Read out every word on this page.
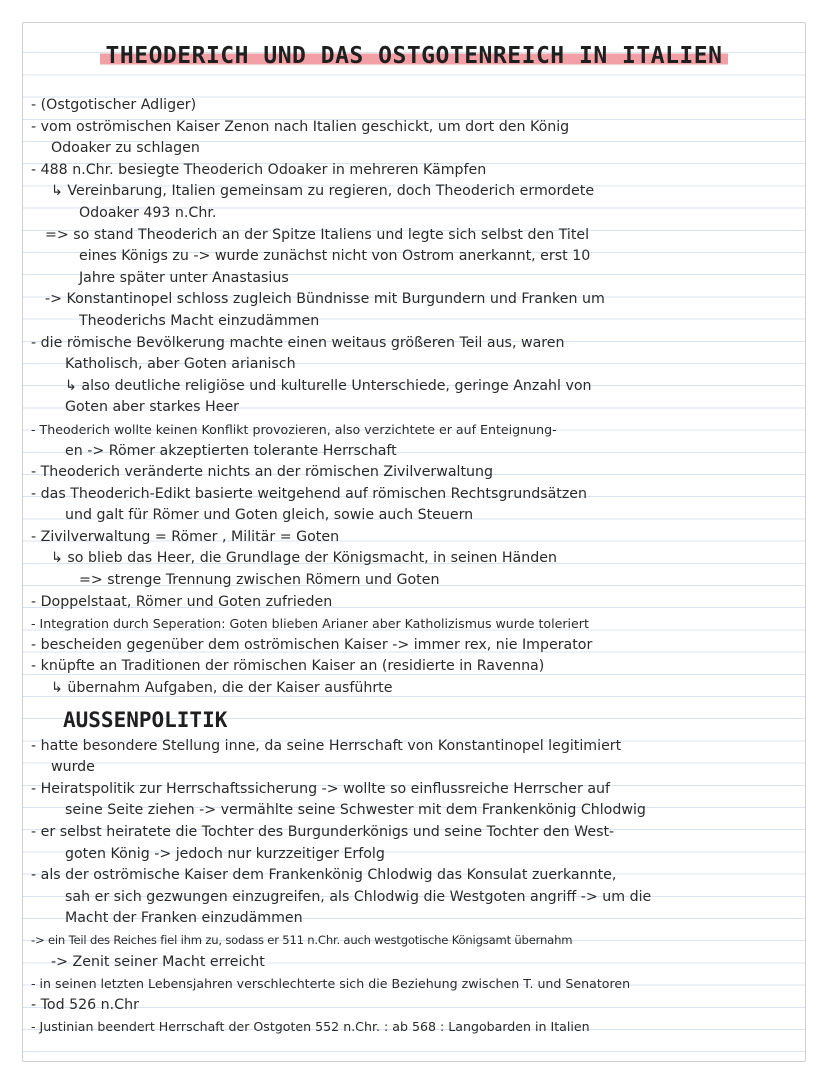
THEODERICH UND DAS OSTGOTENREICH IN ITALIEN
- (Ostgotischer Adliger)
- vom oströmischen Kaiser Zenon nach Italien geschickt, um dort den König
Odoaker zu schlagen
- 488 n.Chr. besiegte Theoderich Odoaker in mehreren Kämpfen
↳ Vereinbarung, Italien gemeinsam zu regieren, doch Theoderich ermordete
Odoaker 493 n.Chr.
=> so stand Theoderich an der Spitze Italiens und legte sich selbst den Titel
eines Königs zu -> wurde zunächst nicht von Ostrom anerkannt, erst 10
Jahre später unter Anastasius
-> Konstantinopel schloss zugleich Bündnisse mit Burgundern und Franken um
Theoderichs Macht einzudämmen
- die römische Bevölkerung machte einen weitaus größeren Teil aus, waren
Katholisch, aber Goten arianisch
↳ also deutliche religiöse und kulturelle Unterschiede, geringe Anzahl von
Goten aber starkes Heer
- Theoderich wollte keinen Konflikt provozieren, also verzichtete er auf Enteignung-
en -> Römer akzeptierten tolerante Herrschaft
- Theoderich veränderte nichts an der römischen Zivilverwaltung
- das Theoderich-Edikt basierte weitgehend auf römischen Rechtsgrundsätzen
und galt für Römer und Goten gleich, sowie auch Steuern
- Zivilverwaltung = Römer , Militär = Goten
↳ so blieb das Heer, die Grundlage der Königsmacht, in seinen Händen
=> strenge Trennung zwischen Römern und Goten
- Doppelstaat, Römer und Goten zufrieden
- Integration durch Seperation: Goten blieben Arianer aber Katholizismus wurde toleriert
- bescheiden gegenüber dem oströmischen Kaiser -> immer rex, nie Imperator
- knüpfte an Traditionen der römischen Kaiser an (residierte in Ravenna)
↳ übernahm Aufgaben, die der Kaiser ausführte
AUSSENPOLITIK
- hatte besondere Stellung inne, da seine Herrschaft von Konstantinopel legitimiert
wurde
- Heiratspolitik zur Herrschaftssicherung -> wollte so einflussreiche Herrscher auf
seine Seite ziehen -> vermählte seine Schwester mit dem Frankenkönig Chlodwig
- er selbst heiratete die Tochter des Burgunderkönigs und seine Tochter den West-
goten König -> jedoch nur kurzzeitiger Erfolg
- als der oströmische Kaiser dem Frankenkönig Chlodwig das Konsulat zuerkannte,
sah er sich gezwungen einzugreifen, als Chlodwig die Westgoten angriff -> um die
Macht der Franken einzudämmen
-> ein Teil des Reiches fiel ihm zu, sodass er 511 n.Chr. auch westgotische Königsamt übernahm
-> Zenit seiner Macht erreicht
- in seinen letzten Lebensjahren verschlechterte sich die Beziehung zwischen T. und Senatoren
- Tod 526 n.Chr
- Justinian beendert Herrschaft der Ostgoten 552 n.Chr. : ab 568 : Langobarden in Italien
